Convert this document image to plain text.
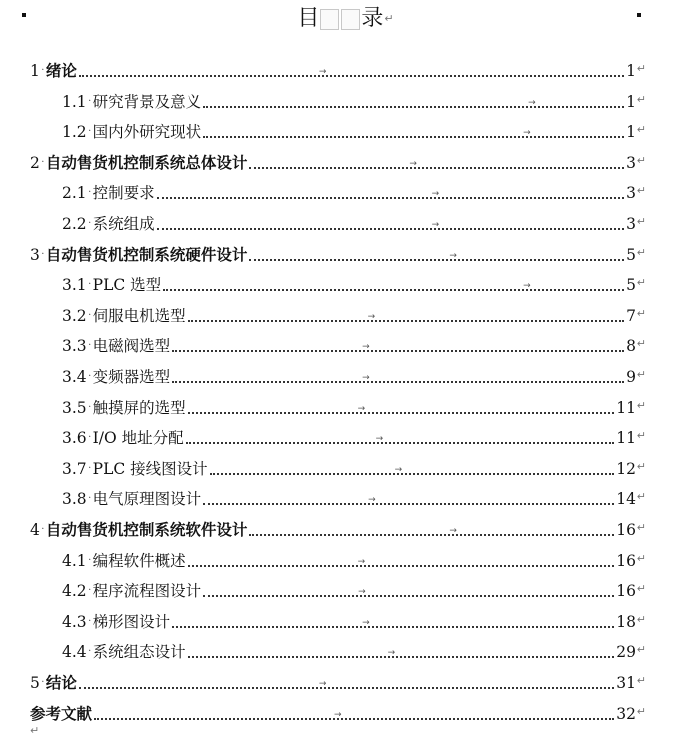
目 录↵
1 · 绪论	→	1 ↵
1.1 · 研究背景及意义	→	1 ↵
1.2 · 国内外研究现状	→	1 ↵
2 · 自动售货机控制系统总体设计	→	3 ↵
2.1 · 控制要求	→	3 ↵
2.2 · 系统组成	→	3 ↵
3 · 自动售货机控制系统硬件设计	→	5 ↵
3.1 · PLC 选型	→	5 ↵
3.2 · 伺服电机选型	→	7 ↵
3.3 · 电磁阀选型	→	8 ↵
3.4 · 变频器选型	→	9 ↵
3.5 · 触摸屏的选型	→	11 ↵
3.6 · I/O 地址分配	→	11 ↵
3.7 · PLC 接线图设计	→	12 ↵
3.8 · 电气原理图设计	→	14 ↵
4 · 自动售货机控制系统软件设计	→	16 ↵
4.1 · 编程软件概述	→	16 ↵
4.2 · 程序流程图设计	→	16 ↵
4.3 · 梯形图设计	→	18 ↵
4.4 · 系统组态设计	→	29 ↵
5 · 结论	→	31 ↵
参考文献	→	32 ↵
↵
